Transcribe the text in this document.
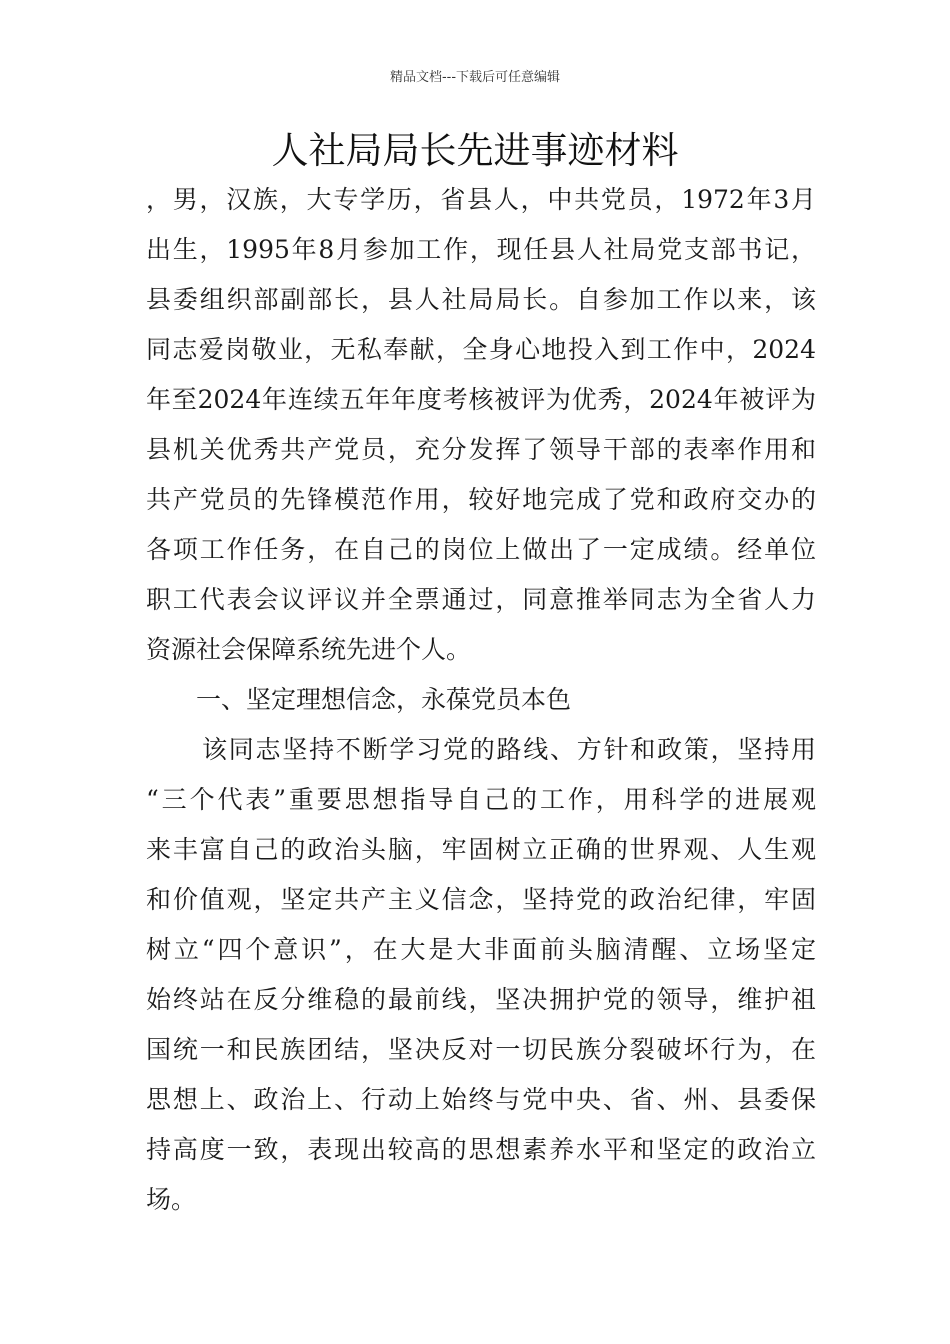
精品文档---下载后可任意编辑
人社局局长先进事迹材料
，男，汉族，大专学历，省县人，中共党员，1972年3月
出生，1995年8月参加工作，现任县人社局党支部书记，
县委组织部副部长，县人社局局长。自参加工作以来，该
同志爱岗敬业，无私奉献，全身心地投入到工作中，2024
年至2024年连续五年年度考核被评为优秀，2024年被评为
县机关优秀共产党员，充分发挥了领导干部的表率作用和
共产党员的先锋模范作用，较好地完成了党和政府交办的
各项工作任务，在自己的岗位上做出了一定成绩。经单位
职工代表会议评议并全票通过，同意推举同志为全省人力
资源社会保障系统先进个人。
一、坚定理想信念，永葆党员本色
该同志坚持不断学习党的路线、方针和政策，坚持用
“三个代表”重要思想指导自己的工作，用科学的进展观
来丰富自己的政治头脑，牢固树立正确的世界观、人生观
和价值观，坚定共产主义信念，坚持党的政治纪律，牢固
树立“四个意识”，在大是大非面前头脑清醒、立场坚定
始终站在反分维稳的最前线，坚决拥护党的领导，维护祖
国统一和民族团结，坚决反对一切民族分裂破坏行为，在
思想上、政治上、行动上始终与党中央、省、州、县委保
持高度一致，表现出较高的思想素养水平和坚定的政治立
场。
